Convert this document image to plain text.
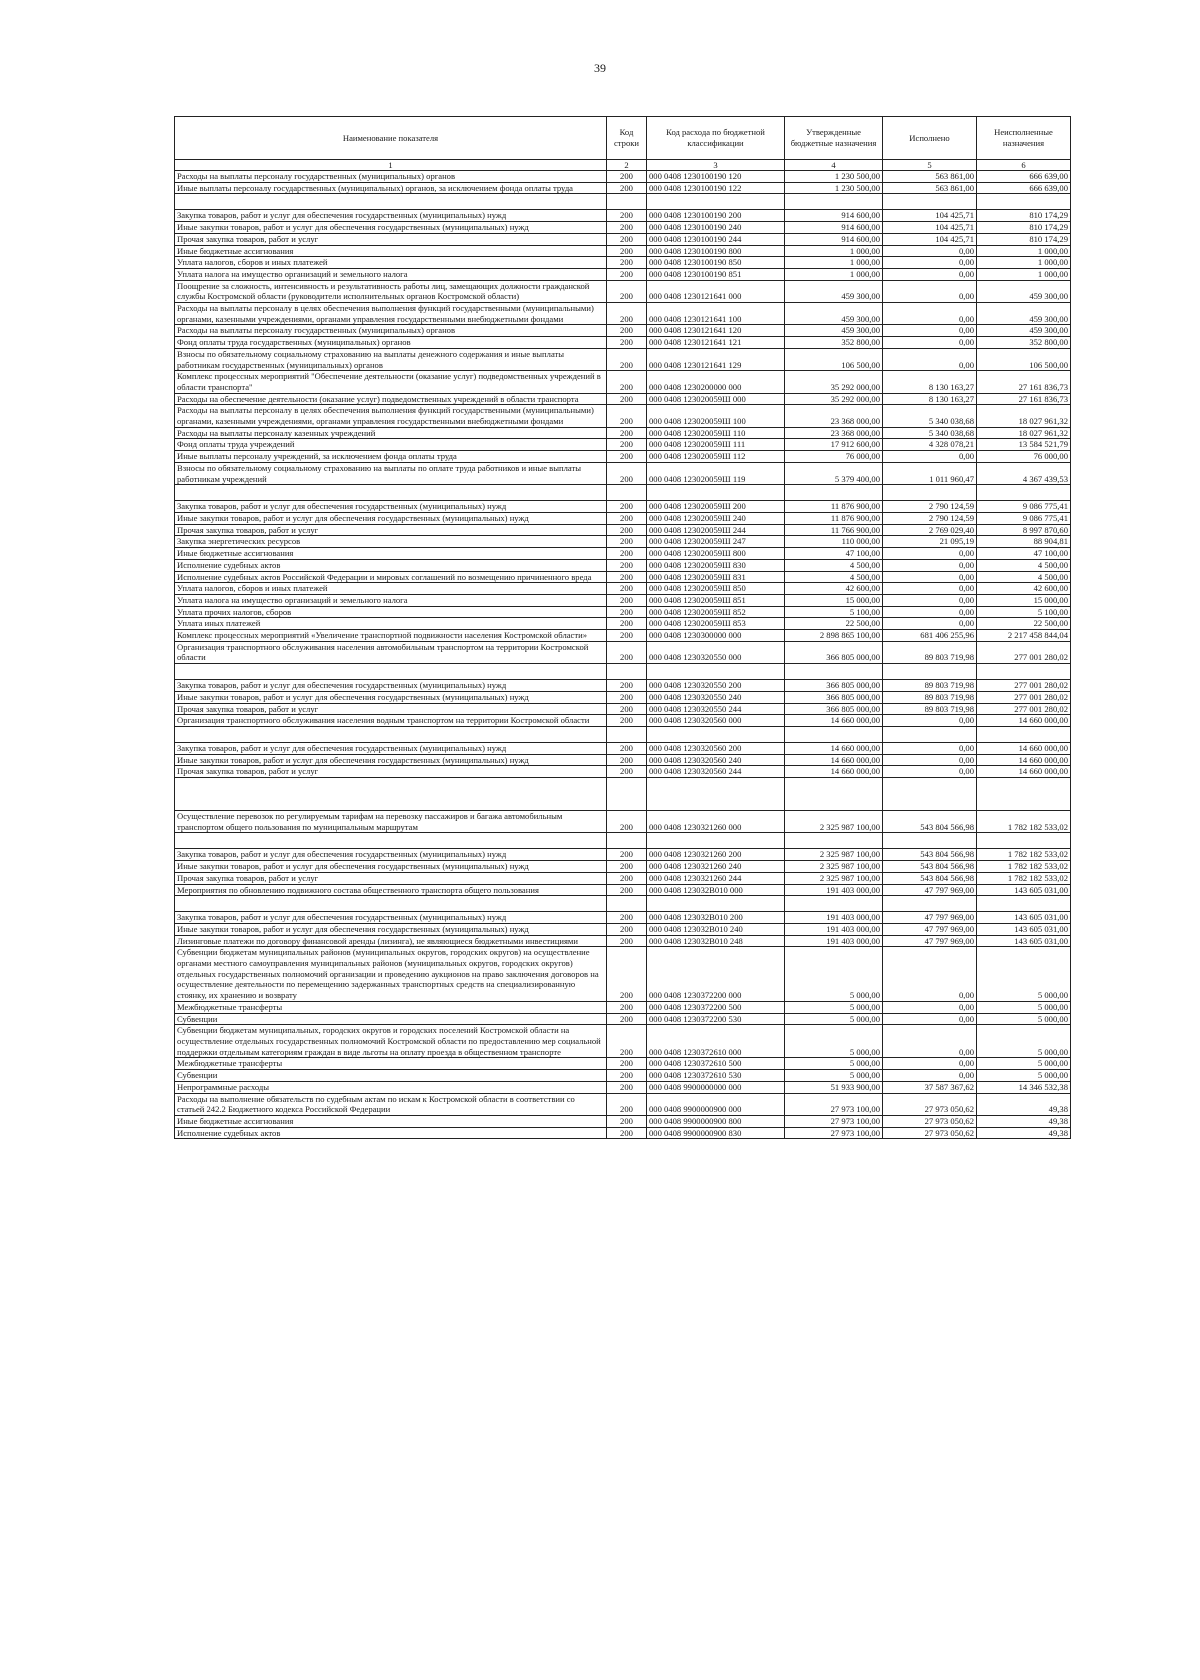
39
Наименование показателя	Код строки	Код расхода по бюджетной классификации	Утвержденные бюджетные назначения	Исполнено	Неисполненные назначения
1	2	3	4	5	6
Расходы на выплаты персоналу государственных (муниципальных) органов	200	000 0408 1230100190 120	1 230 500,00	563 861,00	666 639,00
Иные выплаты персоналу государственных (муниципальных) органов, за исключением фонда оплаты труда	200	000 0408 1230100190 122	1 230 500,00	563 861,00	666 639,00

Закупка товаров, работ и услуг для обеспечения государственных (муниципальных) нужд	200	000 0408 1230100190 200	914 600,00	104 425,71	810 174,29
Иные закупки товаров, работ и услуг для обеспечения государственных (муниципальных) нужд	200	000 0408 1230100190 240	914 600,00	104 425,71	810 174,29
Прочая закупка товаров, работ и услуг	200	000 0408 1230100190 244	914 600,00	104 425,71	810 174,29
Иные бюджетные ассигнования	200	000 0408 1230100190 800	1 000,00	0,00	1 000,00
Уплата налогов, сборов и иных платежей	200	000 0408 1230100190 850	1 000,00	0,00	1 000,00
Уплата налога на имущество организаций и земельного налога	200	000 0408 1230100190 851	1 000,00	0,00	1 000,00
Поощрение за сложность, интенсивность и результативность работы лиц, замещающих должности гражданской службы Костромской области (руководители исполнительных органов Костромской области)	200	000 0408 1230121641 000	459 300,00	0,00	459 300,00
Расходы на выплаты персоналу в целях обеспечения выполнения функций государственными (муниципальными) органами, казенными учреждениями, органами управления государственными внебюджетными фондами	200	000 0408 1230121641 100	459 300,00	0,00	459 300,00
Расходы на выплаты персоналу государственных (муниципальных) органов	200	000 0408 1230121641 120	459 300,00	0,00	459 300,00
Фонд оплаты труда государственных (муниципальных) органов	200	000 0408 1230121641 121	352 800,00	0,00	352 800,00
Взносы по обязательному социальному страхованию на выплаты денежного содержания и иные выплаты работникам государственных (муниципальных) органов	200	000 0408 1230121641 129	106 500,00	0,00	106 500,00
Комплекс процессных мероприятий "Обеспечение деятельности (оказание услуг) подведомственных учреждений в области транспорта"	200	000 0408 1230200000 000	35 292 000,00	8 130 163,27	27 161 836,73
Расходы на обеспечение деятельности (оказание услуг) подведомственных учреждений в области транспорта	200	000 0408 123020059Ш 000	35 292 000,00	8 130 163,27	27 161 836,73
Расходы на выплаты персоналу в целях обеспечения выполнения функций государственными (муниципальными) органами, казенными учреждениями, органами управления государственными внебюджетными фондами	200	000 0408 123020059Ш 100	23 368 000,00	5 340 038,68	18 027 961,32
Расходы на выплаты персоналу казенных учреждений	200	000 0408 123020059Ш 110	23 368 000,00	5 340 038,68	18 027 961,32
Фонд оплаты труда учреждений	200	000 0408 123020059Ш 111	17 912 600,00	4 328 078,21	13 584 521,79
Иные выплаты персоналу учреждений, за исключением фонда оплаты труда	200	000 0408 123020059Ш 112	76 000,00	0,00	76 000,00
Взносы по обязательному социальному страхованию на выплаты по оплате труда работников и иные выплаты работникам учреждений	200	000 0408 123020059Ш 119	5 379 400,00	1 011 960,47	4 367 439,53

Закупка товаров, работ и услуг для обеспечения государственных (муниципальных) нужд	200	000 0408 123020059Ш 200	11 876 900,00	2 790 124,59	9 086 775,41
Иные закупки товаров, работ и услуг для обеспечения государственных (муниципальных) нужд	200	000 0408 123020059Ш 240	11 876 900,00	2 790 124,59	9 086 775,41
Прочая закупка товаров, работ и услуг	200	000 0408 123020059Ш 244	11 766 900,00	2 769 029,40	8 997 870,60
Закупка энергетических ресурсов	200	000 0408 123020059Ш 247	110 000,00	21 095,19	88 904,81
Иные бюджетные ассигнования	200	000 0408 123020059Ш 800	47 100,00	0,00	47 100,00
Исполнение судебных актов	200	000 0408 123020059Ш 830	4 500,00	0,00	4 500,00
Исполнение судебных актов Российской Федерации и мировых соглашений по возмещению причиненного вреда	200	000 0408 123020059Ш 831	4 500,00	0,00	4 500,00
Уплата налогов, сборов и иных платежей	200	000 0408 123020059Ш 850	42 600,00	0,00	42 600,00
Уплата налога на имущество организаций и земельного налога	200	000 0408 123020059Ш 851	15 000,00	0,00	15 000,00
Уплата прочих налогов, сборов	200	000 0408 123020059Ш 852	5 100,00	0,00	5 100,00
Уплата иных платежей	200	000 0408 123020059Ш 853	22 500,00	0,00	22 500,00
Комплекс процессных мероприятий «Увеличение транспортной подвижности населения Костромской области»	200	000 0408 1230300000 000	2 898 865 100,00	681 406 255,96	2 217 458 844,04
Организация транспортного обслуживания населения автомобильным транспортом на территории Костромской области	200	000 0408 1230320550 000	366 805 000,00	89 803 719,98	277 001 280,02

Закупка товаров, работ и услуг для обеспечения государственных (муниципальных) нужд	200	000 0408 1230320550 200	366 805 000,00	89 803 719,98	277 001 280,02
Иные закупки товаров, работ и услуг для обеспечения государственных (муниципальных) нужд	200	000 0408 1230320550 240	366 805 000,00	89 803 719,98	277 001 280,02
Прочая закупка товаров, работ и услуг	200	000 0408 1230320550 244	366 805 000,00	89 803 719,98	277 001 280,02
Организация транспортного обслуживания населения водным транспортом на территории Костромской области	200	000 0408 1230320560 000	14 660 000,00	0,00	14 660 000,00

Закупка товаров, работ и услуг для обеспечения государственных (муниципальных) нужд	200	000 0408 1230320560 200	14 660 000,00	0,00	14 660 000,00
Иные закупки товаров, работ и услуг для обеспечения государственных (муниципальных) нужд	200	000 0408 1230320560 240	14 660 000,00	0,00	14 660 000,00
Прочая закупка товаров, работ и услуг	200	000 0408 1230320560 244	14 660 000,00	0,00	14 660 000,00

Осуществление перевозок по регулируемым тарифам на перевозку пассажиров и багажа автомобильным транспортом общего пользования по муниципальным маршрутам	200	000 0408 1230321260 000	2 325 987 100,00	543 804 566,98	1 782 182 533,02

Закупка товаров, работ и услуг для обеспечения государственных (муниципальных) нужд	200	000 0408 1230321260 200	2 325 987 100,00	543 804 566,98	1 782 182 533,02
Иные закупки товаров, работ и услуг для обеспечения государственных (муниципальных) нужд	200	000 0408 1230321260 240	2 325 987 100,00	543 804 566,98	1 782 182 533,02
Прочая закупка товаров, работ и услуг	200	000 0408 1230321260 244	2 325 987 100,00	543 804 566,98	1 782 182 533,02
Мероприятия по обновлению подвижного состава общественного транспорта общего пользования	200	000 0408 123032В010 000	191 403 000,00	47 797 969,00	143 605 031,00

Закупка товаров, работ и услуг для обеспечения государственных (муниципальных) нужд	200	000 0408 123032В010 200	191 403 000,00	47 797 969,00	143 605 031,00
Иные закупки товаров, работ и услуг для обеспечения государственных (муниципальных) нужд	200	000 0408 123032В010 240	191 403 000,00	47 797 969,00	143 605 031,00
Лизинговые платежи по договору финансовой аренды (лизинга), не являющиеся бюджетными инвестициями	200	000 0408 123032В010 248	191 403 000,00	47 797 969,00	143 605 031,00
Субвенции бюджетам муниципальных районов (муниципальных округов, городских округов) на осуществление органами местного самоуправления муниципальных районов (муниципальных округов, городских округов) отдельных государственных полномочий организации и проведению аукционов на право заключения договоров на осуществление деятельности по перемещению задержанных транспортных средств на специализированную стоянку, их хранению и возврату	200	000 0408 1230372200 000	5 000,00	0,00	5 000,00
Межбюджетные трансферты	200	000 0408 1230372200 500	5 000,00	0,00	5 000,00
Субвенции	200	000 0408 1230372200 530	5 000,00	0,00	5 000,00
Субвенции бюджетам муниципальных, городских округов и городских поселений Костромской области на осуществление отдельных государственных полномочий Костромской области по предоставлению мер социальной поддержки отдельным категориям граждан в виде льготы на оплату проезда в общественном транспорте	200	000 0408 1230372610 000	5 000,00	0,00	5 000,00
Межбюджетные трансферты	200	000 0408 1230372610 500	5 000,00	0,00	5 000,00
Субвенции	200	000 0408 1230372610 530	5 000,00	0,00	5 000,00
Непрограммные расходы	200	000 0408 9900000000 000	51 933 900,00	37 587 367,62	14 346 532,38
Расходы на выполнение обязательств по судебным актам по искам к Костромской области в соответствии со статьей 242.2 Бюджетного кодекса Российской Федерации	200	000 0408 9900000900 000	27 973 100,00	27 973 050,62	49,38
Иные бюджетные ассигнования	200	000 0408 9900000900 800	27 973 100,00	27 973 050,62	49,38
Исполнение судебных актов	200	000 0408 9900000900 830	27 973 100,00	27 973 050,62	49,38
